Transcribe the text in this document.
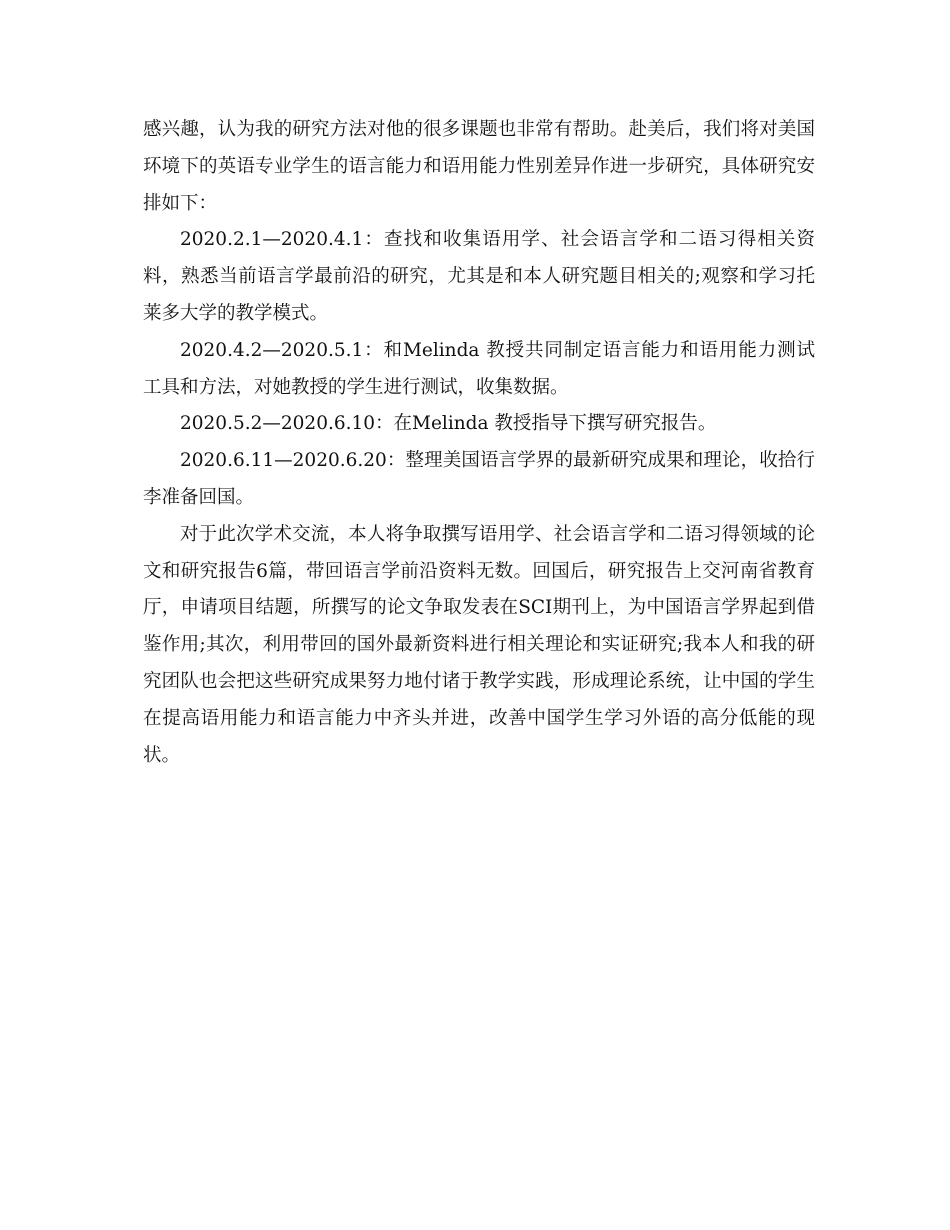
感兴趣，认为我的研究方法对他的很多课题也非常有帮助。赴美后，我们将对美国环境下的英语专业学生的语言能力和语用能力性别差异作进一步研究，具体研究安排如下：

2020.2.1—2020.4.1：查找和收集语用学、社会语言学和二语习得相关资料，熟悉当前语言学最前沿的研究，尤其是和本人研究题目相关的;观察和学习托莱多大学的教学模式。

2020.4.2—2020.5.1：和Melinda 教授共同制定语言能力和语用能力测试工具和方法，对她教授的学生进行测试，收集数据。

2020.5.2—2020.6.10：在Melinda 教授指导下撰写研究报告。

2020.6.11—2020.6.20：整理美国语言学界的最新研究成果和理论，收拾行李准备回国。

对于此次学术交流，本人将争取撰写语用学、社会语言学和二语习得领域的论文和研究报告6篇，带回语言学前沿资料无数。回国后，研究报告上交河南省教育厅，申请项目结题，所撰写的论文争取发表在SCI期刊上，为中国语言学界起到借鉴作用;其次，利用带回的国外最新资料进行相关理论和实证研究;我本人和我的研究团队也会把这些研究成果努力地付诸于教学实践，形成理论系统，让中国的学生在提高语用能力和语言能力中齐头并进，改善中国学生学习外语的高分低能的现状。
